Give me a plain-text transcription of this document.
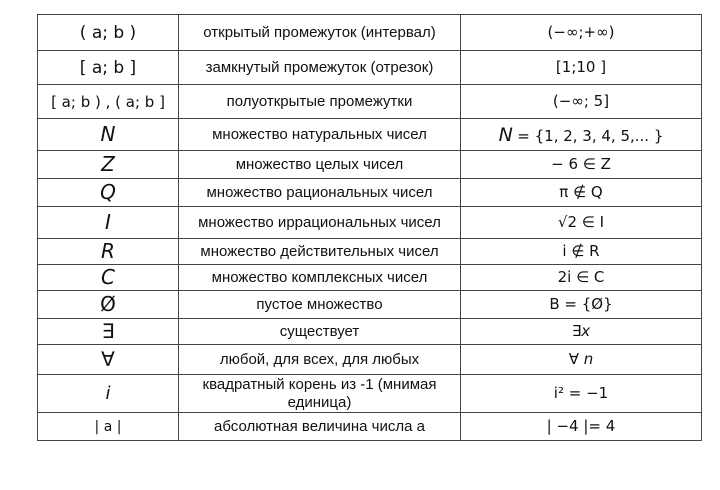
( a; b )	открытый промежуток (интервал)	(−∞;+∞)
[ a; b ]	замкнутый промежуток (отрезок)	[1;10 ]
[ a; b ) , ( a; b ]	полуоткрытые промежутки	(−∞; 5]
N	множество натуральных чисел	N = {1, 2, 3, 4, 5,... }
Z	множество целых чисел	− 6 ∈ Z
Q	множество рациональных чисел	π ∉ Q
I	множество иррациональных чисел	√2 ∈ I
R	множество действительных чисел	i ∉ R
C	множество комплексных чисел	2i ∈ C
Ø	пустое множество	B = {Ø}
∃	существует	∃x
∀	любой, для всех, для любых	∀ n
i	квадратный корень из -1 (мнимая единица)	i² = −1
| a |	абсолютная величина числа a	| −4 |= 4
